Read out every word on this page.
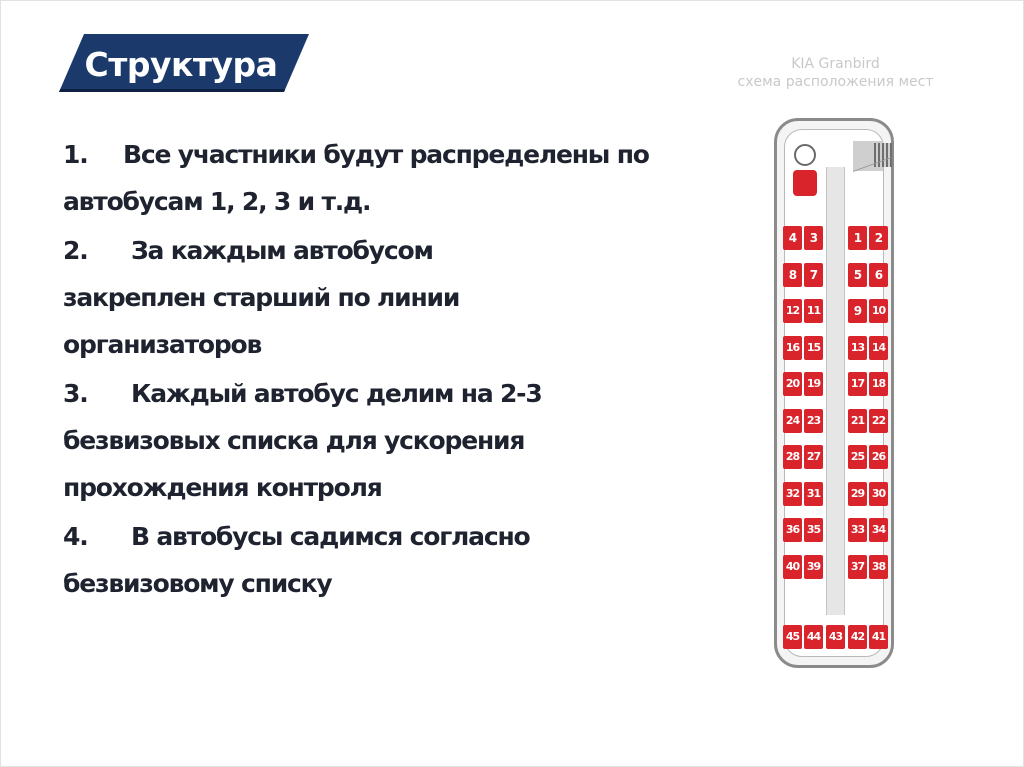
Структура
1. Все участники будут распределены по
автобусам 1, 2, 3 и т.д.
2. За каждым автобусом
закреплен старший по линии
организаторов
3. Каждый автобус делим на 2-3
безвизовых списка для ускорения
прохождения контроля
4. В автобусы садимся согласно
безвизовому списку
KIA Granbird
схема расположения мест
4	3	1	2
8	7	5	6
12 11	9 10
16 15	13 14
20 19	17 18
24 23	21 22
28 27	25 26
32 31	29 30
36 35	33 34
40 39	37 38
45 44 43 42 41
